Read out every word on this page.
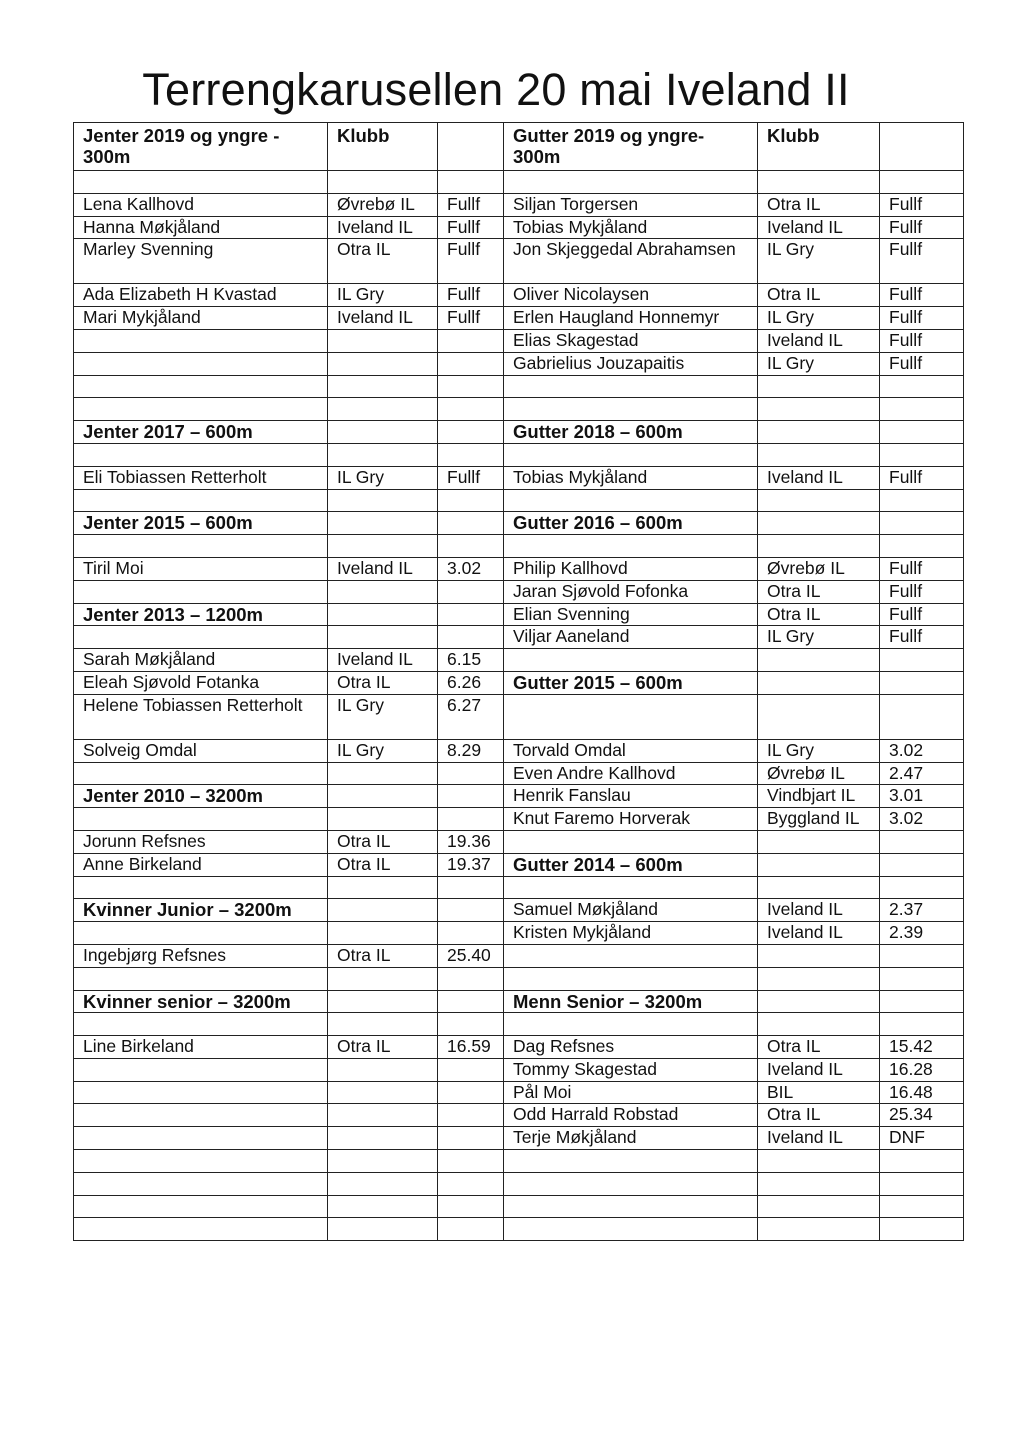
Terrengkarusellen 20 mai Iveland II
Jenter 2019 og yngre - 300m	Klubb		Gutter 2019 og yngre- 300m	Klubb	

Lena Kallhovd	Øvrebø IL	Fullf	Siljan Torgersen	Otra IL	Fullf
Hanna Møkjåland	Iveland IL	Fullf	Tobias Mykjåland	Iveland IL	Fullf
Marley Svenning	Otra IL	Fullf	Jon Skjeggedal Abrahamsen	IL Gry	Fullf
Ada Elizabeth H Kvastad	IL Gry	Fullf	Oliver Nicolaysen	Otra IL	Fullf
Mari Mykjåland	Iveland IL	Fullf	Erlen Haugland Honnemyr	IL Gry	Fullf
			Elias Skagestad	Iveland IL	Fullf
			Gabrielius Jouzapaitis	IL Gry	Fullf

Jenter 2017 – 600m			Gutter 2018 – 600m		

Eli Tobiassen Retterholt	IL Gry	Fullf	Tobias Mykjåland	Iveland IL	Fullf

Jenter 2015 – 600m			Gutter 2016 – 600m		

Tiril Moi	Iveland IL	3.02	Philip Kallhovd	Øvrebø IL	Fullf
			Jaran Sjøvold Fofonka	Otra IL	Fullf
Jenter 2013 – 1200m			Elian Svenning	Otra IL	Fullf
			Viljar Aaneland	IL Gry	Fullf
Sarah Møkjåland	Iveland IL	6.15			
Eleah Sjøvold Fotanka	Otra IL	6.26	Gutter 2015 – 600m		
Helene Tobiassen Retterholt	IL Gry	6.27			
Solveig Omdal	IL Gry	8.29	Torvald Omdal	IL Gry	3.02
			Even Andre Kallhovd	Øvrebø IL	2.47
Jenter 2010 – 3200m			Henrik Fanslau	Vindbjart IL	3.01
			Knut Faremo Horverak	Byggland IL	3.02
Jorunn Refsnes	Otra IL	19.36			
Anne Birkeland	Otra IL	19.37	Gutter 2014 – 600m		

Kvinner Junior – 3200m			Samuel Møkjåland	Iveland IL	2.37
			Kristen Mykjåland	Iveland IL	2.39
Ingebjørg Refsnes	Otra IL	25.40			

Kvinner senior – 3200m			Menn Senior – 3200m		

Line Birkeland	Otra IL	16.59	Dag Refsnes	Otra IL	15.42
			Tommy Skagestad	Iveland IL	16.28
			Pål Moi	BIL	16.48
			Odd Harrald Robstad	Otra IL	25.34
			Terje Møkjåland	Iveland IL	DNF
